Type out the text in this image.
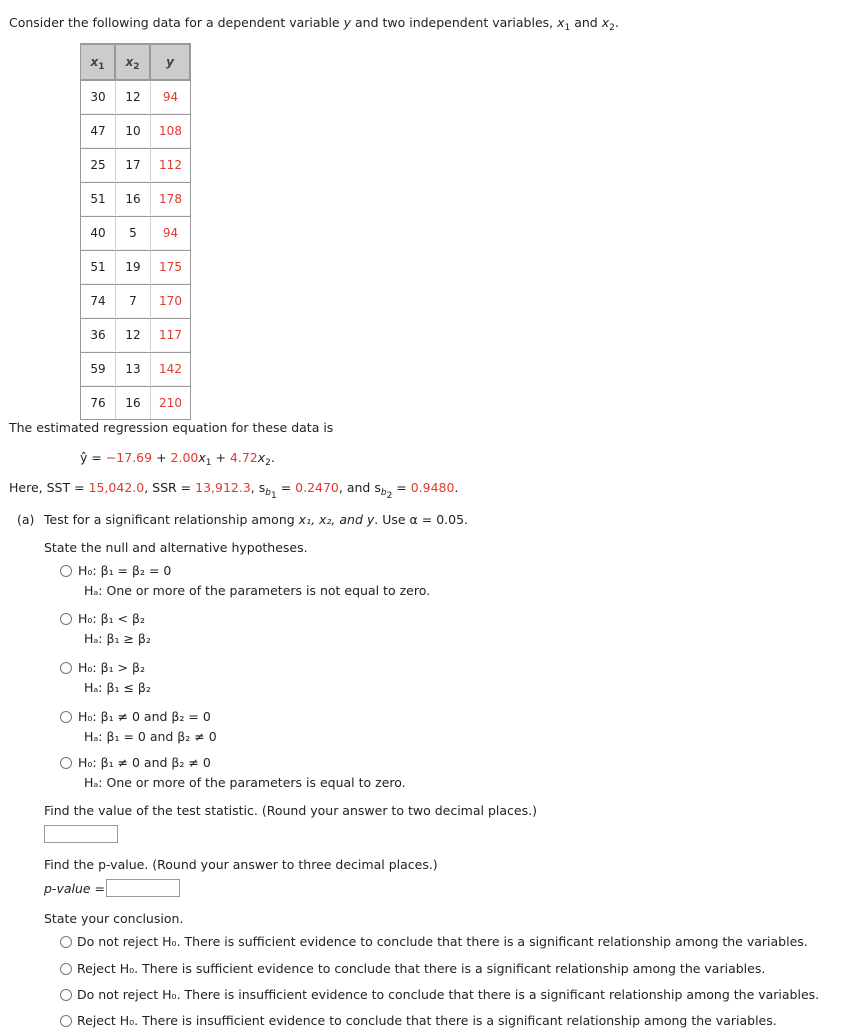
Consider the following data for a dependent variable y and two independent variables, $x_1$ and $x_2$.
$x_1$	$x_2$	y
30	12	94

47	10	108

25	17	112

51	16	178

40	5	94

51	19	175

74	7	170

36	12	117

59	13	142

76	16	210
The estimated regression equation for these data is
ŷ = $-17.69 + 2.00x_1 + 4.72x_2$.
Here, SST = 15,042.0, SSR = 13,912.3, $s_{b_1} = 0.2470$, and $s_{b_2} = 0.9480$.
(a) Test for a significant relationship among x₁, x₂, and y. Use α = 0.05.
State the null and alternative hypotheses.
H₀: β₁ = β₂ = 0
Hₐ: One or more of the parameters is not equal to zero.
H₀: β₁ < β₂
Hₐ: β₁ ≥ β₂
H₀: β₁ > β₂
Hₐ: β₁ ≤ β₂
H₀: β₁ ≠ 0 and β₂ = 0
Hₐ: β₁ = 0 and β₂ ≠ 0
H₀: β₁ ≠ 0 and β₂ ≠ 0
Hₐ: One or more of the parameters is equal to zero.
Find the value of the test statistic. (Round your answer to two decimal places.)
Find the p-value. (Round your answer to three decimal places.)
p-value =
State your conclusion.
Do not reject H₀. There is sufficient evidence to conclude that there is a significant relationship among the variables.
Reject H₀. There is sufficient evidence to conclude that there is a significant relationship among the variables.
Do not reject H₀. There is insufficient evidence to conclude that there is a significant relationship among the variables.
Reject H₀. There is insufficient evidence to conclude that there is a significant relationship among the variables.
